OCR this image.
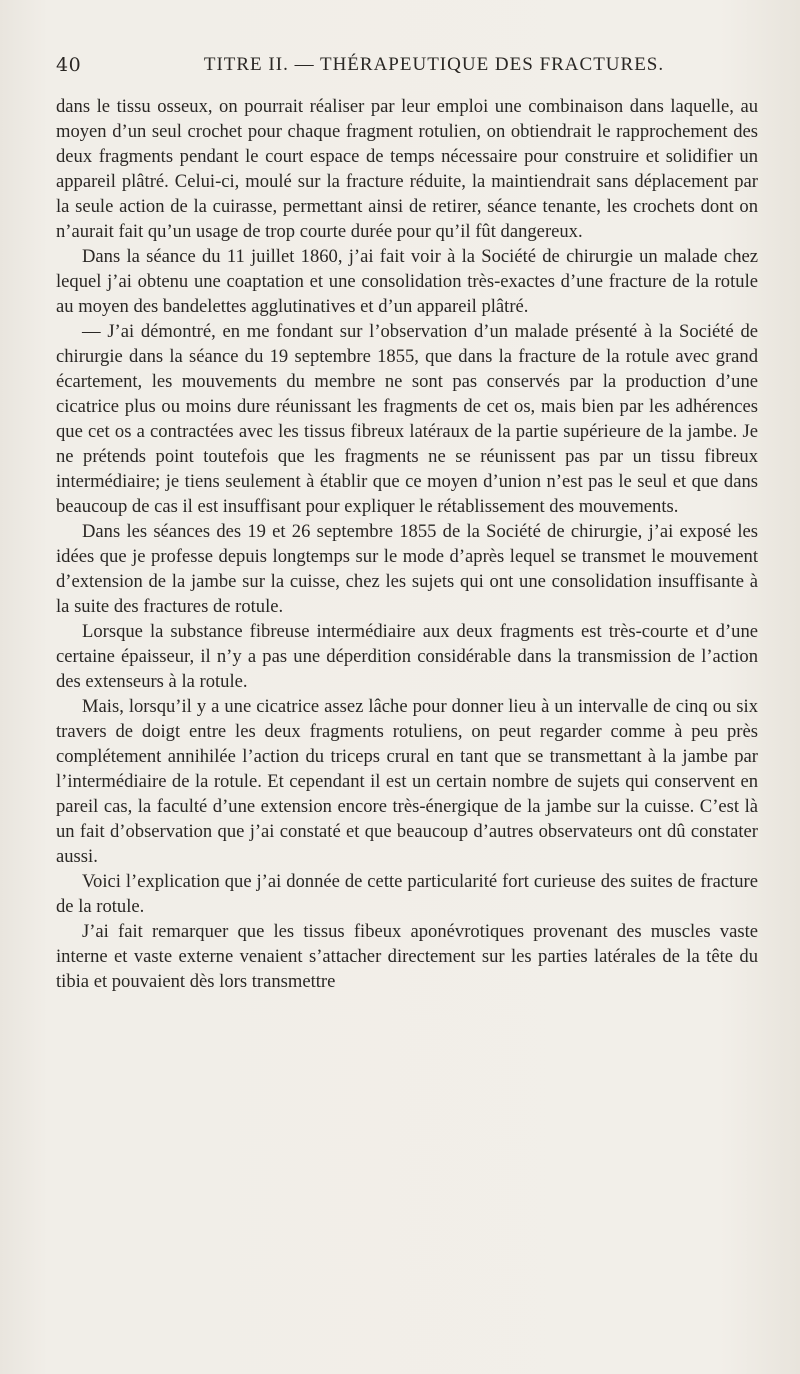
40	TITRE II. — THÉRAPEUTIQUE DES FRACTURES.

dans le tissu osseux, on pourrait réaliser par leur emploi une combinaison dans laquelle, au moyen d’un seul crochet pour chaque fragment rotulien, on obtiendrait le rapprochement des deux fragments pendant le court espace de temps nécessaire pour construire et solidifier un appareil plâtré. Celui-ci, moulé sur la fracture réduite, la maintiendrait sans déplacement par la seule action de la cuirasse, permettant ainsi de retirer, séance tenante, les crochets dont on n’aurait fait qu’un usage de trop courte durée pour qu’il fût dangereux.

Dans la séance du 11 juillet 1860, j’ai fait voir à la Société de chirurgie un malade chez lequel j’ai obtenu une coaptation et une consolidation très-exactes d’une fracture de la rotule au moyen des bandelettes agglutinatives et d’un appareil plâtré.

— J’ai démontré, en me fondant sur l’observation d’un malade présenté à la Société de chirurgie dans la séance du 19 septembre 1855, que dans la fracture de la rotule avec grand écartement, les mouvements du membre ne sont pas conservés par la production d’une cicatrice plus ou moins dure réunissant les fragments de cet os, mais bien par les adhérences que cet os a contractées avec les tissus fibreux latéraux de la partie supérieure de la jambe. Je ne prétends point toutefois que les fragments ne se réunissent pas par un tissu fibreux intermédiaire; je tiens seulement à établir que ce moyen d’union n’est pas le seul et que dans beaucoup de cas il est insuffisant pour expliquer le rétablissement des mouvements.

Dans les séances des 19 et 26 septembre 1855 de la Société de chirurgie, j’ai exposé les idées que je professe depuis longtemps sur le mode d’après lequel se transmet le mouvement d’extension de la jambe sur la cuisse, chez les sujets qui ont une consolidation insuffisante à la suite des fractures de rotule.

Lorsque la substance fibreuse intermédiaire aux deux fragments est très-courte et d’une certaine épaisseur, il n’y a pas une déperdition considérable dans la transmission de l’action des extenseurs à la rotule.

Mais, lorsqu’il y a une cicatrice assez lâche pour donner lieu à un intervalle de cinq ou six travers de doigt entre les deux fragments rotuliens, on peut regarder comme à peu près complétement annihilée l’action du triceps crural en tant que se transmettant à la jambe par l’intermédiaire de la rotule. Et cependant il est un certain nombre de sujets qui conservent en pareil cas, la faculté d’une extension encore très-énergique de la jambe sur la cuisse. C’est là un fait d’observation que j’ai constaté et que beaucoup d’autres observateurs ont dû constater aussi.

Voici l’explication que j’ai donnée de cette particularité fort curieuse des suites de fracture de la rotule.

J’ai fait remarquer que les tissus fibeux aponévrotiques provenant des muscles vaste interne et vaste externe venaient s’attacher directement sur les parties latérales de la tête du tibia et pouvaient dès lors transmettre
